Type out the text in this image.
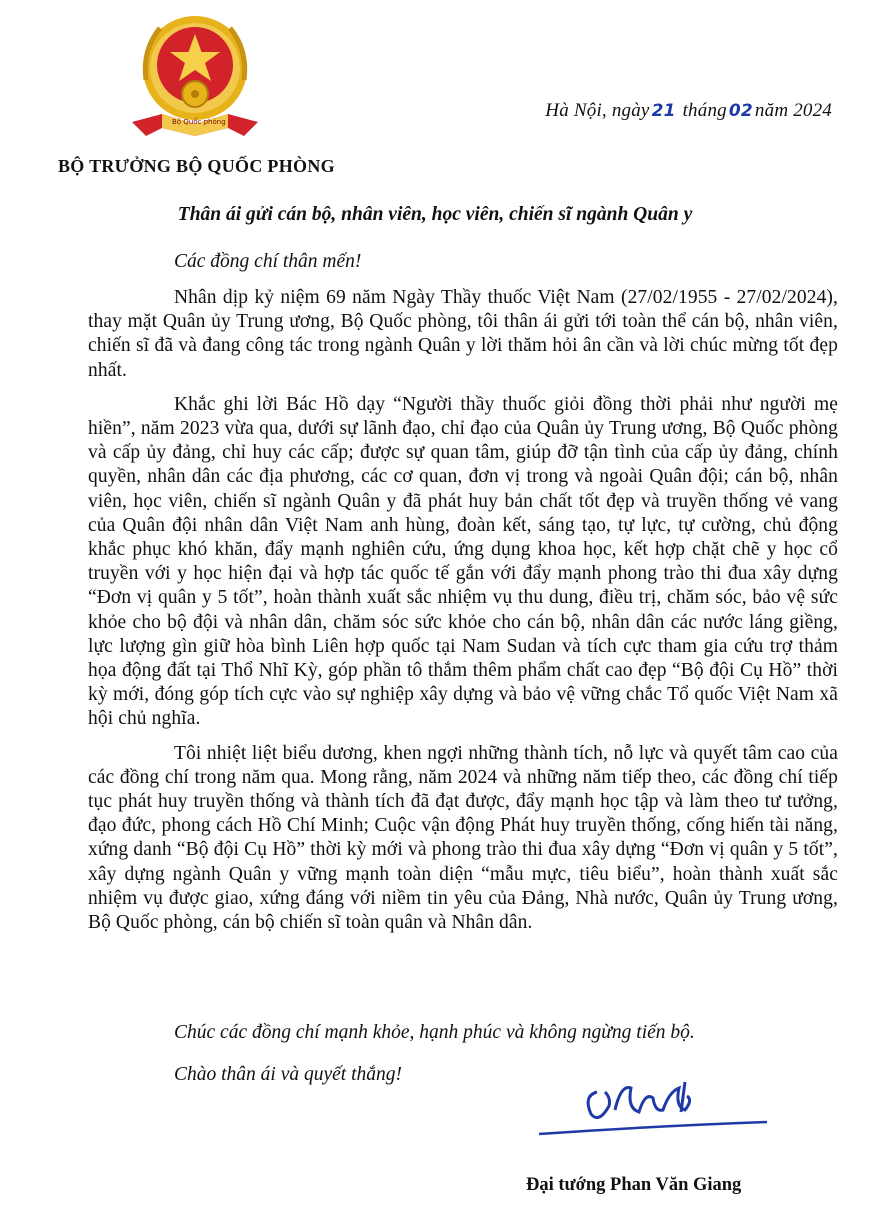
Bộ Quốc phòng
Hà Nội, ngày 21 tháng 02 năm 2024
BỘ TRƯỞNG BỘ QUỐC PHÒNG
Thân ái gửi cán bộ, nhân viên, học viên, chiến sĩ ngành Quân y
Các đồng chí thân mến!

Nhân dịp kỷ niệm 69 năm Ngày Thầy thuốc Việt Nam (27/02/1955 - 27/02/2024), thay mặt Quân ủy Trung ương, Bộ Quốc phòng, tôi thân ái gửi tới toàn thể cán bộ, nhân viên, chiến sĩ đã và đang công tác trong ngành Quân y lời thăm hỏi ân cần và lời chúc mừng tốt đẹp nhất.

Khắc ghi lời Bác Hồ dạy “Người thầy thuốc giỏi đồng thời phải như người mẹ hiền”, năm 2023 vừa qua, dưới sự lãnh đạo, chỉ đạo của Quân ủy Trung ương, Bộ Quốc phòng và cấp ủy đảng, chỉ huy các cấp; được sự quan tâm, giúp đỡ tận tình của cấp ủy đảng, chính quyền, nhân dân các địa phương, các cơ quan, đơn vị trong và ngoài Quân đội; cán bộ, nhân viên, học viên, chiến sĩ ngành Quân y đã phát huy bản chất tốt đẹp và truyền thống vẻ vang của Quân đội nhân dân Việt Nam anh hùng, đoàn kết, sáng tạo, tự lực, tự cường, chủ động khắc phục khó khăn, đẩy mạnh nghiên cứu, ứng dụng khoa học, kết hợp chặt chẽ y học cổ truyền với y học hiện đại và hợp tác quốc tế gắn với đẩy mạnh phong trào thi đua xây dựng “Đơn vị quân y 5 tốt”, hoàn thành xuất sắc nhiệm vụ thu dung, điều trị, chăm sóc, bảo vệ sức khỏe cho bộ đội và nhân dân, chăm sóc sức khỏe cho cán bộ, nhân dân các nước láng giềng, lực lượng gìn giữ hòa bình Liên hợp quốc tại Nam Sudan và tích cực tham gia cứu trợ thảm họa động đất tại Thổ Nhĩ Kỳ, góp phần tô thắm thêm phẩm chất cao đẹp “Bộ đội Cụ Hồ” thời kỳ mới, đóng góp tích cực vào sự nghiệp xây dựng và bảo vệ vững chắc Tổ quốc Việt Nam xã hội chủ nghĩa.

Tôi nhiệt liệt biểu dương, khen ngợi những thành tích, nỗ lực và quyết tâm cao của các đồng chí trong năm qua. Mong rằng, năm 2024 và những năm tiếp theo, các đồng chí tiếp tục phát huy truyền thống và thành tích đã đạt được, đẩy mạnh học tập và làm theo tư tưởng, đạo đức, phong cách Hồ Chí Minh; Cuộc vận động Phát huy truyền thống, cống hiến tài năng, xứng danh “Bộ đội Cụ Hồ” thời kỳ mới và phong trào thi đua xây dựng “Đơn vị quân y 5 tốt”, xây dựng ngành Quân y vững mạnh toàn diện “mẫu mực, tiêu biểu”, hoàn thành xuất sắc nhiệm vụ được giao, xứng đáng với niềm tin yêu của Đảng, Nhà nước, Quân ủy Trung ương, Bộ Quốc phòng, cán bộ chiến sĩ toàn quân và Nhân dân.

Chúc các đồng chí mạnh khỏe, hạnh phúc và không ngừng tiến bộ.
Chào thân ái và quyết thắng!
Đại tướng Phan Văn Giang
